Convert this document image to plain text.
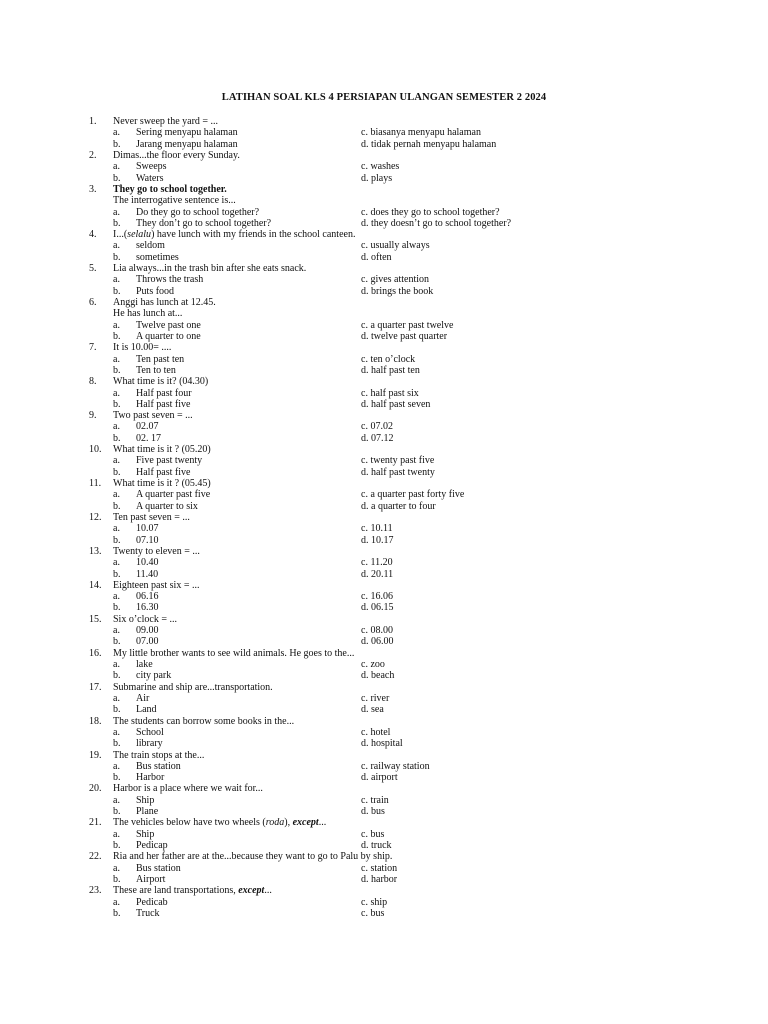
LATIHAN SOAL KLS 4 PERSIAPAN ULANGAN SEMESTER 2 2024
1. Never sweep the yard = ...
a. Sering menyapu halaman	c. biasanya menyapu halaman
b. Jarang menyapu halaman	d. tidak pernah menyapu halaman
2. Dimas...the floor every Sunday.
a. Sweeps	c. washes
b. Waters	d. plays
3. They go to school together.
The interrogative sentence is...
a. Do they go to school together?	c. does they go to school together?
b. They don’t go to school together?	d. they doesn’t go to school together?
4. I...(selalu) have lunch with my friends in the school canteen.
a. seldom	c. usually always
b. sometimes	d. often
5. Lia always...in the trash bin after she eats snack.
a. Throws the trash	c. gives attention
b. Puts food	d. brings the book
6. Anggi has lunch at 12.45.
He has lunch at...
a. Twelve past one	c. a quarter past twelve
b. A quarter to one	d. twelve past quarter
7. It is 10.00= ....
a. Ten past ten	c. ten o’clock
b. Ten to ten	d. half past ten
8. What time is it? (04.30)
a. Half past four	c. half past six
b. Half past five	d. half past seven
9. Two past seven = ...
a. 02.07	c. 07.02
b. 02. 17	d. 07.12
10. What time is it ? (05.20)
a. Five past twenty	c. twenty past five
b. Half past five	d. half past twenty
11. What time is it ? (05.45)
a. A quarter past five	c. a quarter past forty five
b. A quarter to six	d. a quarter to four
12. Ten past seven = ...
a. 10.07	c. 10.11
b. 07.10	d. 10.17
13. Twenty to eleven = ...
a. 10.40	c. 11.20
b. 11.40	d. 20.11
14. Eighteen past six = ...
a. 06.16	c. 16.06
b. 16.30	d. 06.15
15. Six o’clock = ...
a. 09.00	c. 08.00
b. 07.00	d. 06.00
16. My little brother wants to see wild animals. He goes to the...
a. lake	c. zoo
b. city park	d. beach
17. Submarine and ship are...transportation.
a. Air	c. river
b. Land	d. sea
18. The students can borrow some books in the...
a. School	c. hotel
b. library	d. hospital
19. The train stops at the...
a. Bus station	c. railway station
b. Harbor	d. airport
20. Harbor is a place where we wait for...
a. Ship	c. train
b. Plane	d. bus
21. The vehicles below have two wheels (roda), except...
a. Ship	c. bus
b. Pedicap	d. truck
22. Ria and her father are at the...because they want to go to Palu by ship.
a. Bus station	c. station
b. Airport	d. harbor
23. These are land transportations, except...
a. Pedicab	c. ship
b. Truck	c. bus
